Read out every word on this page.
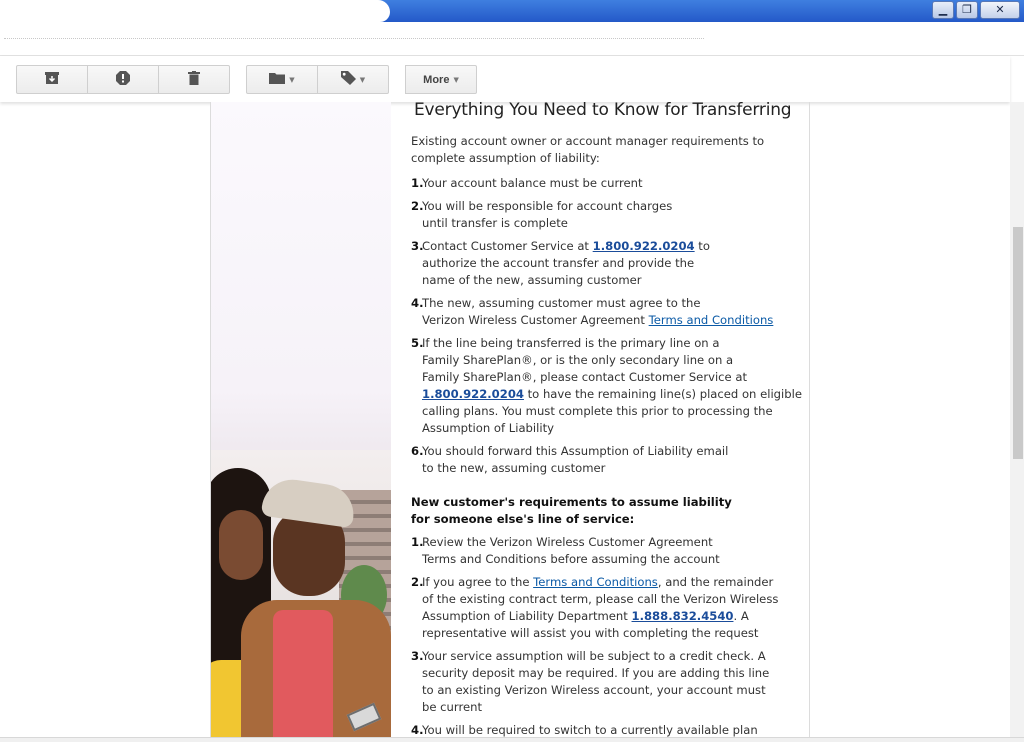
▁	❐	✕
▼	▼	More ▼
Everything You Need to Know for Transferring
Existing account owner or account manager requirements to complete assumption of liability:
1.
Your account balance must be current
2.
You will be responsible for account charges
until transfer is complete
3.
Contact Customer Service at 1.800.922.0204 to
authorize the account transfer and provide the
name of the new, assuming customer
4.
The new, assuming customer must agree to the
Verizon Wireless Customer Agreement Terms and Conditions
5.
If the line being transferred is the primary line on a
Family SharePlan®, or is the only secondary line on a
Family SharePlan®, please contact Customer Service at
1.800.922.0204 to have the remaining line(s) placed on eligible
calling plans. You must complete this prior to processing the
Assumption of Liability
6.
You should forward this Assumption of Liability email
to the new, assuming customer
New customer's requirements to assume liability
for someone else's line of service:
1.
Review the Verizon Wireless Customer Agreement
Terms and Conditions before assuming the account
2.
If you agree to the Terms and Conditions, and the remainder
of the existing contract term, please call the Verizon Wireless
Assumption of Liability Department 1.888.832.4540. A
representative will assist you with completing the request
3.
Your service assumption will be subject to a credit check. A
security deposit may be required. If you are adding this line
to an existing Verizon Wireless account, your account must
be current
4.
You will be required to switch to a currently available plan
